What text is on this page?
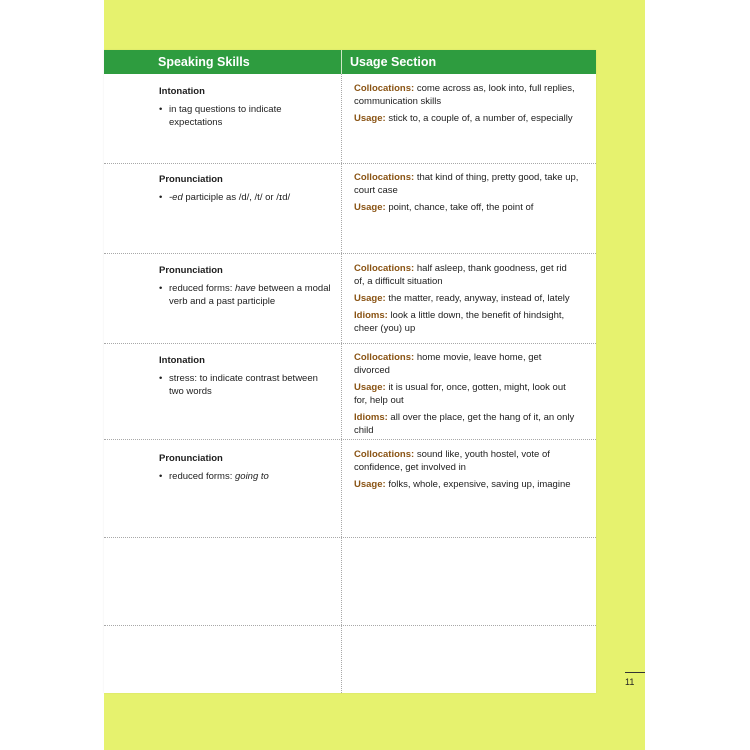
Speaking Skills	Usage Section
Intonation
• in tag questions to indicate expectations
Collocations: come across as, look into, full replies, communication skills
Usage: stick to, a couple of, a number of, especially
Pronunciation
• -ed participle as /d/, /t/ or /ɪd/
Collocations: that kind of thing, pretty good, take up, court case
Usage: point, chance, take off, the point of
Pronunciation
• reduced forms: have between a modal verb and a past participle
Collocations: half asleep, thank goodness, get rid of, a difficult situation
Usage: the matter, ready, anyway, instead of, lately
Idioms: look a little down, the benefit of hindsight, cheer (you) up
Intonation
• stress: to indicate contrast between two words
Collocations: home movie, leave home, get divorced
Usage: it is usual for, once, gotten, might, look out for, help out
Idioms: all over the place, get the hang of it, an only child
Pronunciation
• reduced forms: going to
Collocations: sound like, youth hostel, vote of confidence, get involved in
Usage: folks, whole, expensive, saving up, imagine
11
